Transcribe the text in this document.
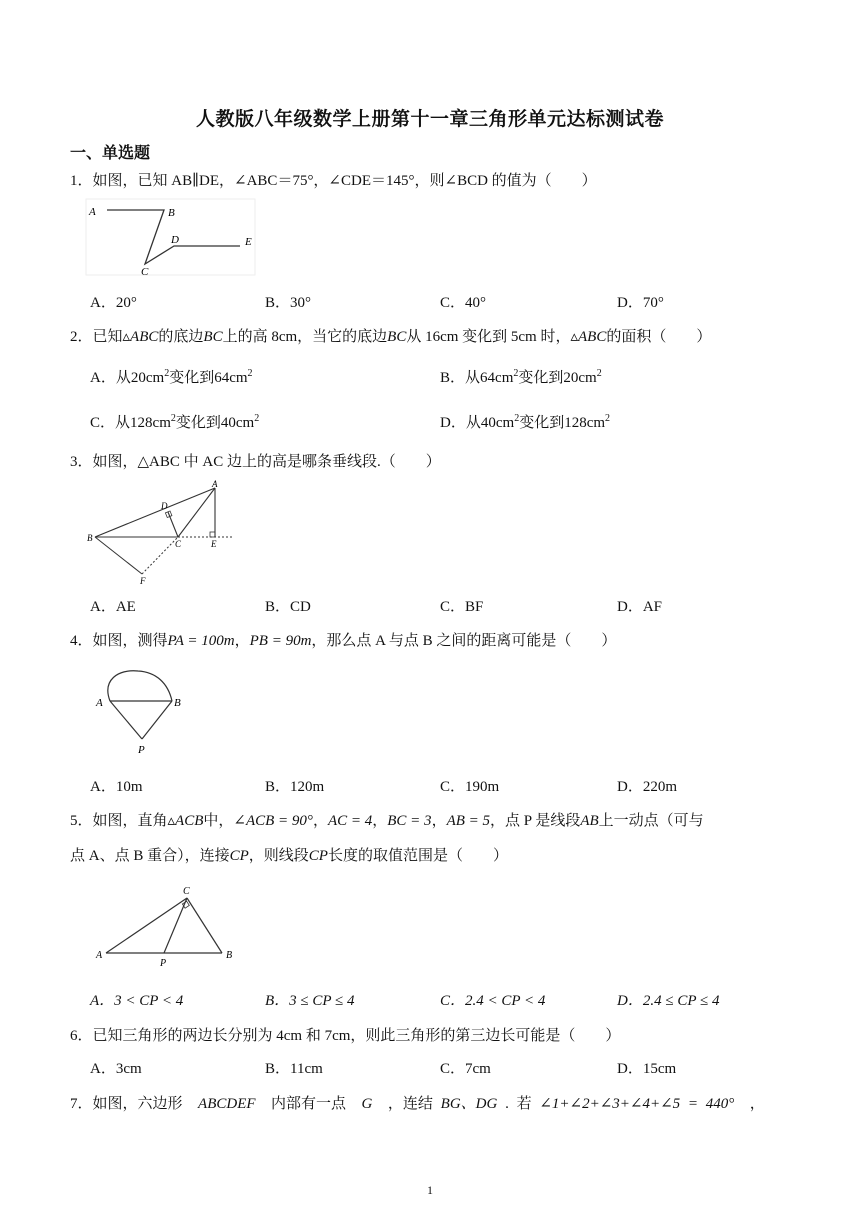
人教版八年级数学上册第十一章三角形单元达标测试卷
一、单选题
1．如图，已知 AB∥DE，∠ABC＝75°，∠CDE＝145°，则∠BCD 的值为（　　）
A	B
C
D	E
A．20°	B．30°	C．40°	D．70°
2．已知▵ABC的底边BC上的高 8cm，当它的底边BC从 16cm 变化到 5cm 时，▵ABC的面积（　　）
A．从$20cm^2$变化到$64cm^2$	B．从$64cm^2$变化到$20cm^2$
C．从$128cm^2$变化到$40cm^2$	D．从$40cm^2$变化到$128cm^2$
3．如图，△ABC 中 AC 边上的高是哪条垂线段.（　　）
A
D
B
C	E
F
A．AE	B．CD	C．BF	D．AF
4．如图，测得PA = 100m，PB = 90m，那么点 A 与点 B 之间的距离可能是（　　）
A	B
P
A．10m	B．120m	C．190m	D．220m
5．如图，直角▵ACB中，∠ACB = 90°，AC = 4，BC = 3，AB = 5，点 P 是线段AB上一动点（可与
点 A、点 B 重合），连接CP，则线段CP长度的取值范围是（　　）
C
A
P
B
A．3 < CP < 4	B．3 ≤ CP ≤ 4	C．2.4 < CP < 4	D．2.4 ≤ CP ≤ 4
6．已知三角形的两边长分别为 4cm 和 7cm，则此三角形的第三边长可能是（　　）
A．3cm	B．11cm	C．7cm	D．15cm
7．如图，六边形 ABCDEF 内部有一点 G ，连结 BG、DG . 若 ∠1+∠2+∠3+∠4+∠5 = 440° ，
1
